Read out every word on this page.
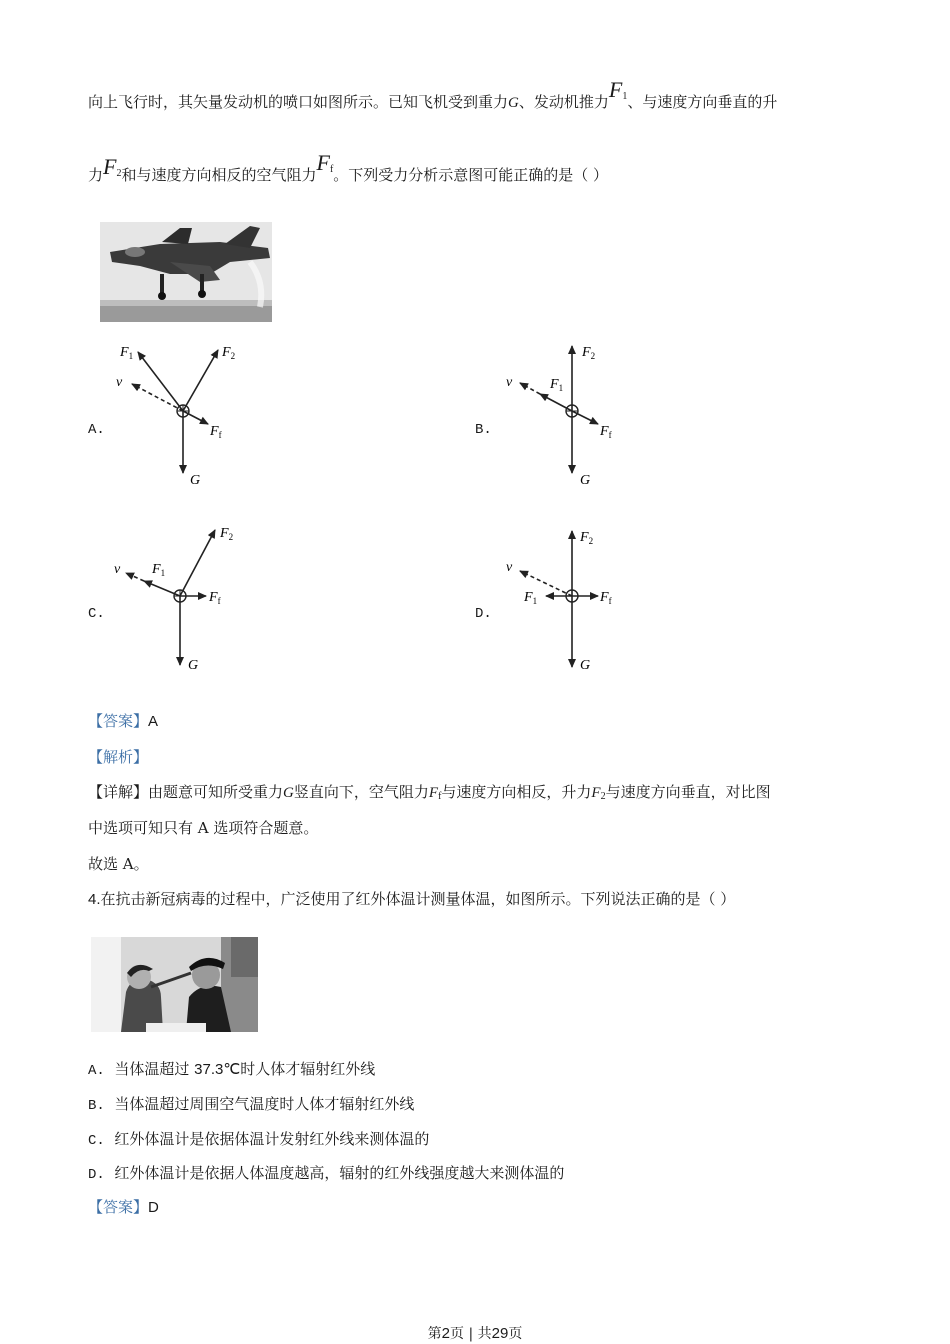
向上飞行时，其矢量发动机的喷口如图所示。已知飞机受到重力G、发动机推力$F_1$、与速度方向垂直的升
力$F_2$和与速度方向相反的空气阻力$F_f$。下列受力分析示意图可能正确的是（ ）
A.
$F_1$	$F_2$
v
$F_f$
G
B.
$F_1$
$F_2$
v
$F_f$
G
C.
$F_1$
$F_2$
v
$F_f$
G
D.
$F_1$
$F_2$
v
$F_f$
G
【答案】A
【解析】
【详解】由题意可知所受重力G竖直向下，空气阻力$F_f$与速度方向相反，升力$F_2$与速度方向垂直，对比图
中选项可知只有 A 选项符合题意。
故选 A。
4.在抗击新冠病毒的过程中，广泛使用了红外体温计测量体温，如图所示。下列说法正确的是（ ）
A. 当体温超过 37.3℃时人体才辐射红外线
B. 当体温超过周围空气温度时人体才辐射红外线
C. 红外体温计是依据体温计发射红外线来测体温的
D. 红外体温计是依据人体温度越高，辐射的红外线强度越大来测体温的
【答案】D
第2页 | 共29页
